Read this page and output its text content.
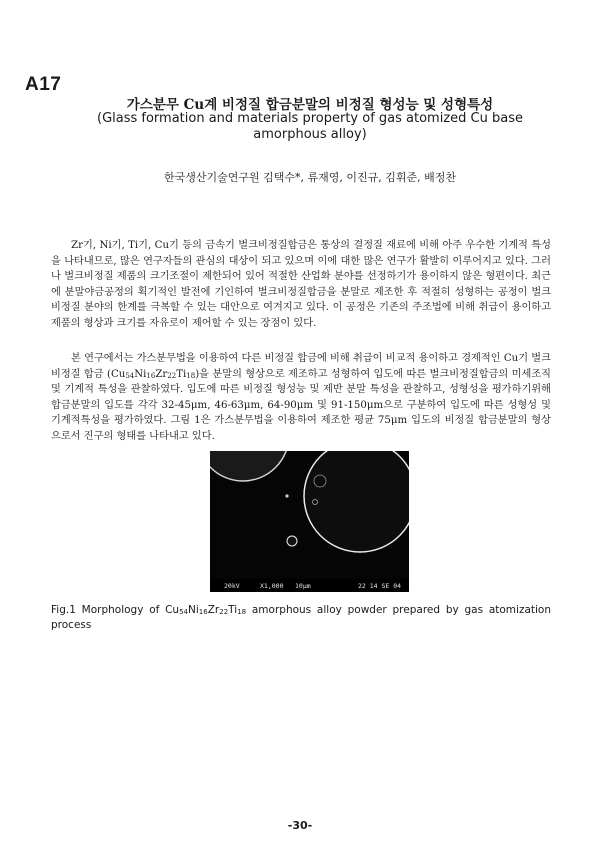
A17
가스분무 Cu계 비정질 합금분말의 비정질 형성능 및 성형특성
(Glass formation and materials property of gas atomized Cu base amorphous alloy)
한국생산기술연구원 김택수*, 류재영, 이진규, 김휘준, 배정찬
Zr기, Ni기, Ti기, Cu기 등의 금속기 벌크비정질합금은 통상의 결정질 재료에 비해 아주 우수한 기계적 특성을 나타내므로, 많은 연구자들의 관심의 대상이 되고 있으며 이에 대한 많은 연구가 활발히 이루어지고 있다. 그러나 벌크비정질 제품의 크기조절이 제한되어 있어 적절한 산업화 분야를 선정하기가 용이하지 않은 형편이다. 최근에 분말야금공정의 획기적인 발전에 기인하여 벌크비정질합금을 분말로 제조한 후 적절히 성형하는 공정이 벌크비정질 분야의 한계를 극복할 수 있는 대안으로 여겨지고 있다. 이 공정은 기존의 주조법에 비해 취급이 용이하고 제품의 형상과 크기를 자유로이 제어할 수 있는 장점이 있다.
본 연구에서는 가스분무법을 이용하여 다른 비정질 합금에 비해 취급이 비교적 용이하고 경제적인 Cu기 벌크비정질 합금 $(Cu_{54}Ni_{16}Zr_{22}Ti_{18})$을 분말의 형상으로 제조하고 성형하여 입도에 따른 벌크비정질합금의 미세조직 및 기계적 특성을 관찰하였다. 입도에 따른 비정질 형성능 및 제반 분말 특성을 관찰하고, 성형성을 평가하기위해 합금분말의 입도를 각각 32-45μm, 46-63μm, 64-90μm 및 91-150μm으로 구분하여 입도에 따른 성형성 및 기계적특성을 평가하였다. 그림 1은 가스분무법을 이용하여 제조한 평균 75μm 입도의 비정질 합금분말의 형상으로서 진구의 형태를 나타내고 있다.
20kV	X1,000 10μm	22 14 SE 04
Fig.1 Morphology of $Cu_{54}Ni_{16}Zr_{22}Ti_{18}$ amorphous alloy powder prepared by gas atomization process
-30-
